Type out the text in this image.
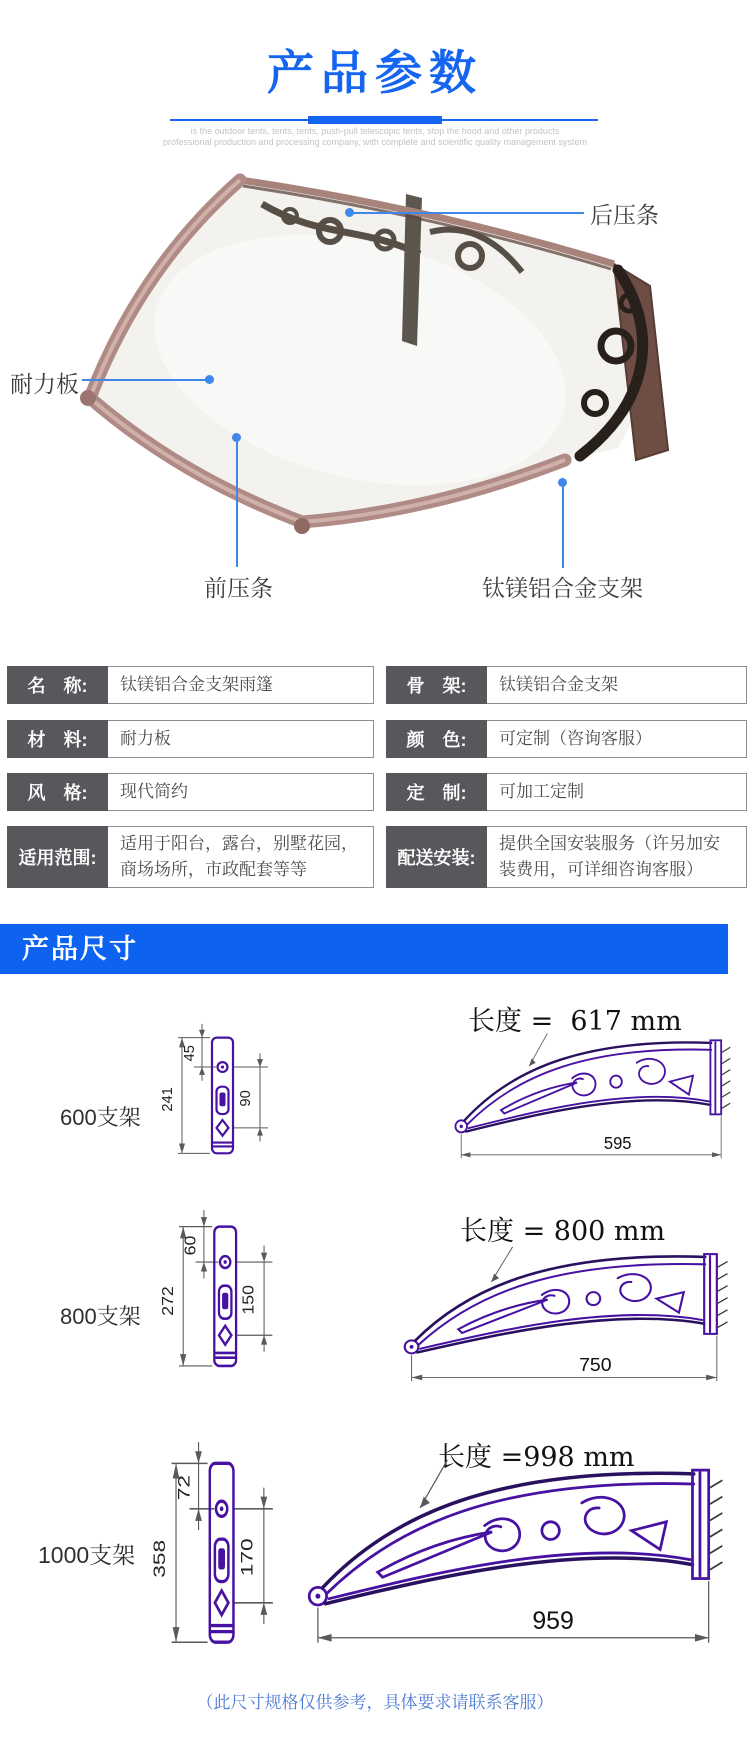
产品参数
is the outdoor tents, tents, tents, push-pull telescopic tents, stop the hood and other products
professional production and processing company, with complete and scientific quality management system
后压条
耐力板
前压条	钛镁铝合金支架
名　称:	钛镁铝合金支架雨篷	骨　架:	钛镁铝合金支架
材　料:	耐力板	颜　色:	可定制（咨询客服）
风　格:	现代简约	定　制:	可加工定制
适用范围:
适用于阳台，露台，别墅花园，商场场所，市政配套等等
配送安装:
提供全国安装服务（许另加安装费用，可详细咨询客服）
产品尺寸
600支架
241
45
90
长度 =  617 mm
595
800支架
272
60
150
长度 = 800 mm
750
1000支架 358
72
170
长度 =998 mm
959
（此尺寸规格仅供参考，具体要求请联系客服）
